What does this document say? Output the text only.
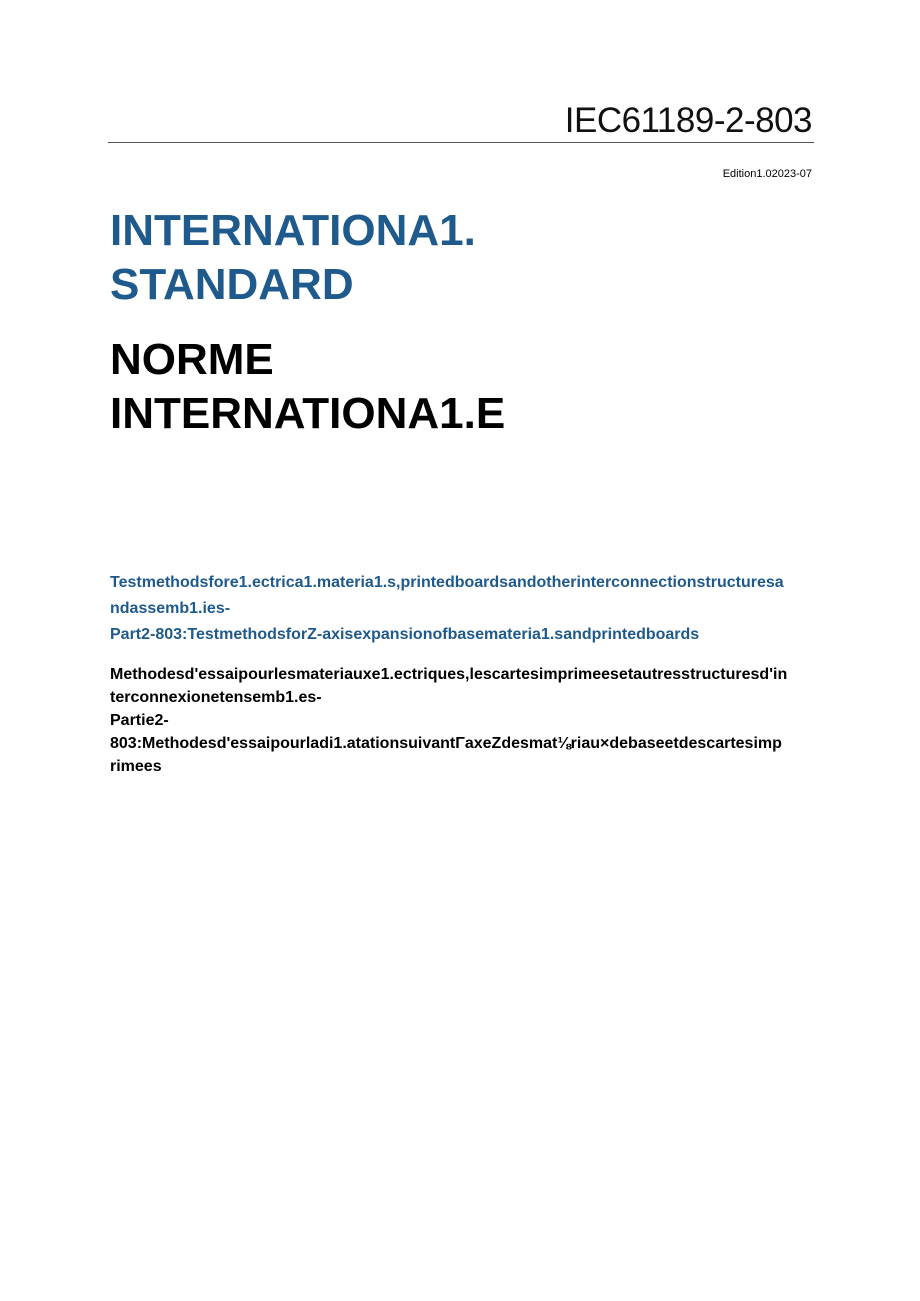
IEC61189-2-803
Edition1.02023-07
INTERNATIONA1.
STANDARD
NORME
INTERNATIONA1.E
Testmethodsfore1.ectrica1.materia1.s,printedboardsandotherinterconnectionstructuresa
ndassemb1.ies-
Part2-803:TestmethodsforZ-axisexpansionofbasemateria1.sandprintedboards
Methodesd'essaipourlesmateriauxe1.ectriques,lescartesimprimeesetautresstructuresd'in
terconnexionetensemb1.es-
Partie2-
803:Methodesd'essaipourladi1.atationsuivantΓaxeZdesmat⅛riau×debaseetdescartesimp
rimees
